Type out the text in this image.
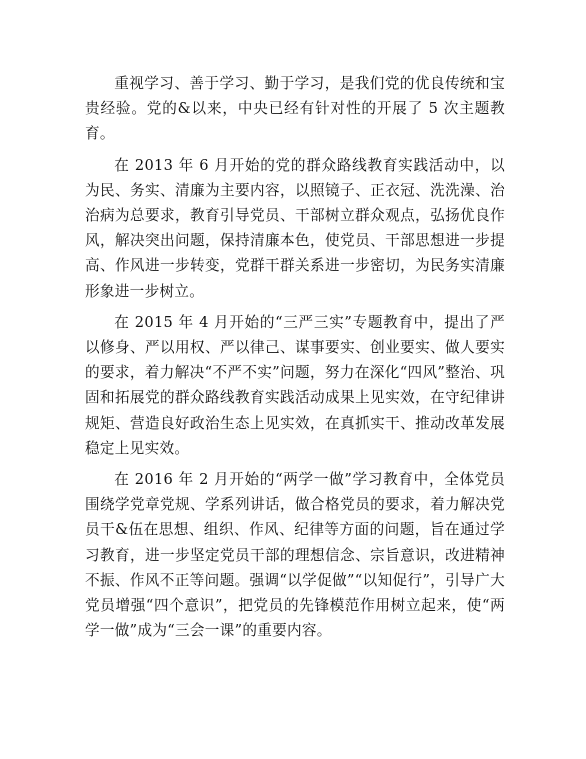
重视学习、善于学习、勤于学习，是我们党的优良传统和宝贵经验。党的&以来，中央已经有针对性的开展了 5 次主题教育。

在 2013 年 6 月开始的党的群众路线教育实践活动中，以为民、务实、清廉为主要内容，以照镜子、正衣冠、洗洗澡、治治病为总要求，教育引导党员、干部树立群众观点，弘扬优良作风，解决突出问题，保持清廉本色，使党员、干部思想进一步提高、作风进一步转变，党群干群关系进一步密切，为民务实清廉形象进一步树立。

在 2015 年 4 月开始的“三严三实”专题教育中，提出了严以修身、严以用权、严以律己、谋事要实、创业要实、做人要实的要求，着力解决“不严不实”问题，努力在深化“四风”整治、巩固和拓展党的群众路线教育实践活动成果上见实效，在守纪律讲规矩、营造良好政治生态上见实效，在真抓实干、推动改革发展稳定上见实效。

在 2016 年 2 月开始的“两学一做”学习教育中，全体党员围绕学党章党规、学系列讲话，做合格党员的要求，着力解决党员干&伍在思想、组织、作风、纪律等方面的问题，旨在通过学习教育，进一步坚定党员干部的理想信念、宗旨意识，改进精神不振、作风不正等问题。强调“以学促做”“以知促行”，引导广大党员增强“四个意识”，把党员的先锋模范作用树立起来，使“两学一做”成为“三会一课”的重要内容。
